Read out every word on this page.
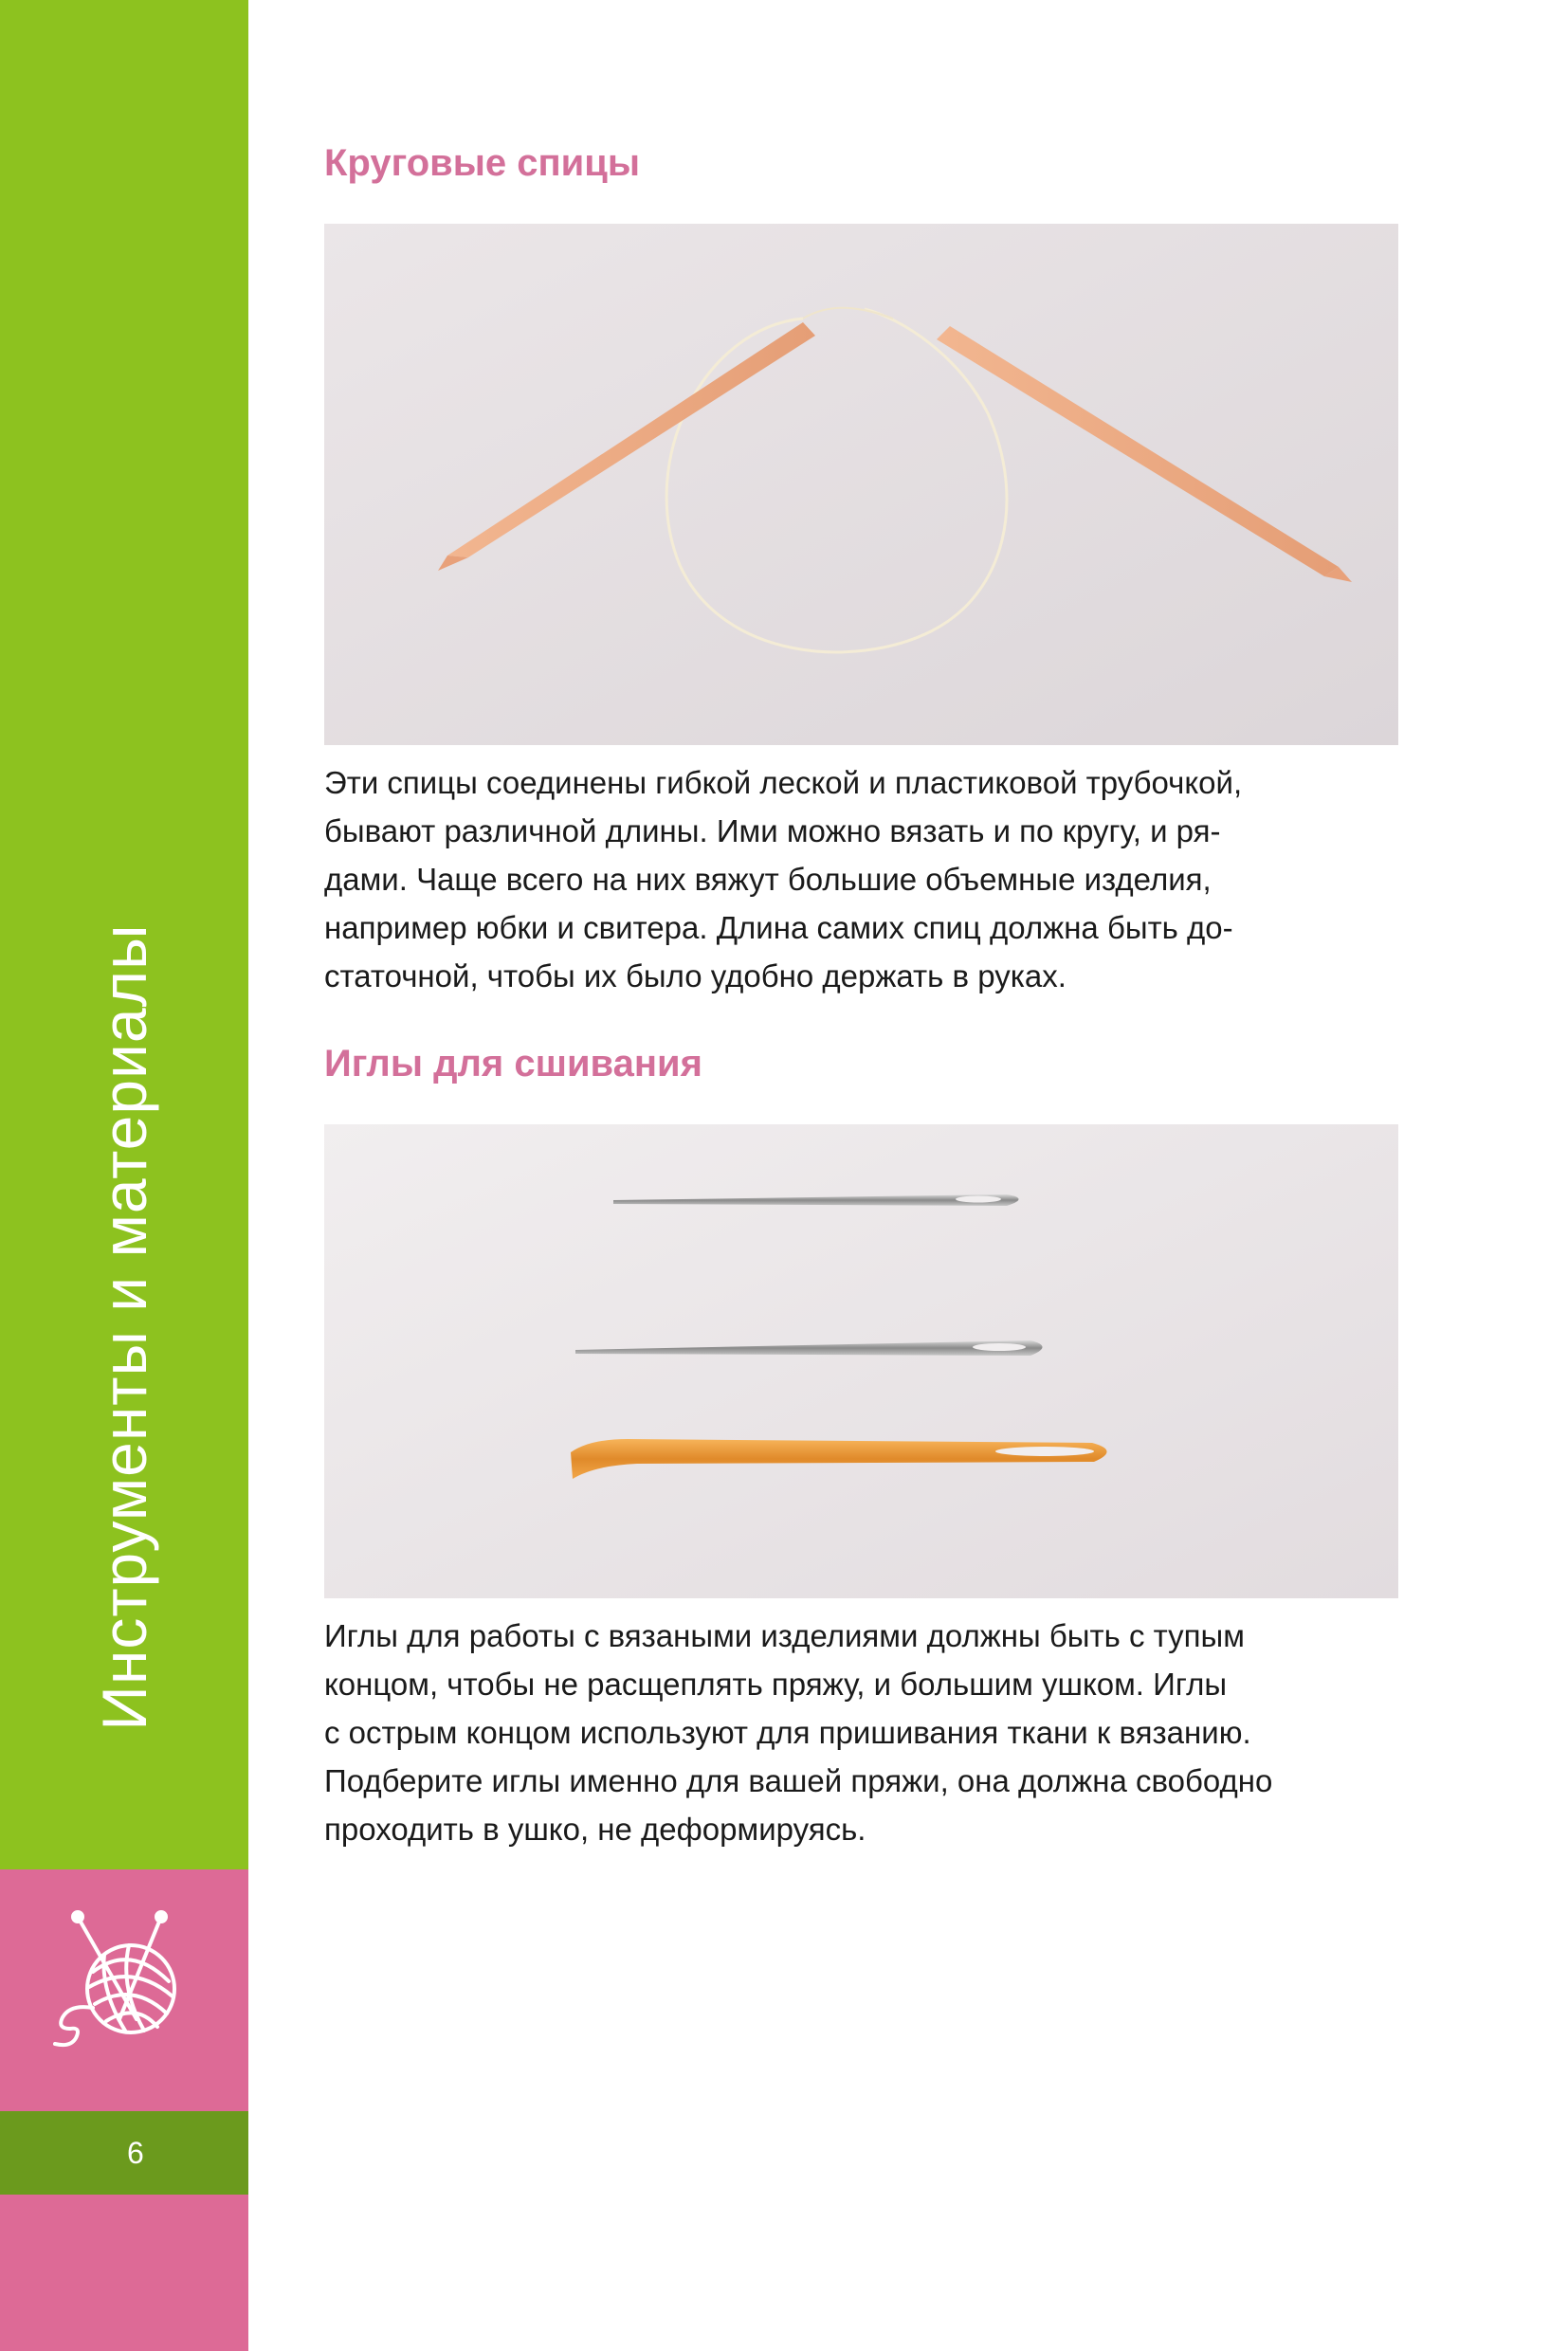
Инструменты и материалы
6
Круговые спицы

Эти спицы соединены гибкой леской и пластиковой трубочкой,
бывают различной длины. Ими можно вязать и по кругу, и ря-
дами. Чаще всего на них вяжут большие объемные изделия,
например юбки и свитера. Длина самих спиц должна быть до-
статочной, чтобы их было удобно держать в руках.

Иглы для сшивания

Иглы для работы с вязаными изделиями должны быть с тупым
концом, чтобы не расщеплять пряжу, и большим ушком. Иглы
с острым концом используют для пришивания ткани к вязанию.
Подберите иглы именно для вашей пряжи, она должна свободно
проходить в ушко, не деформируясь.
